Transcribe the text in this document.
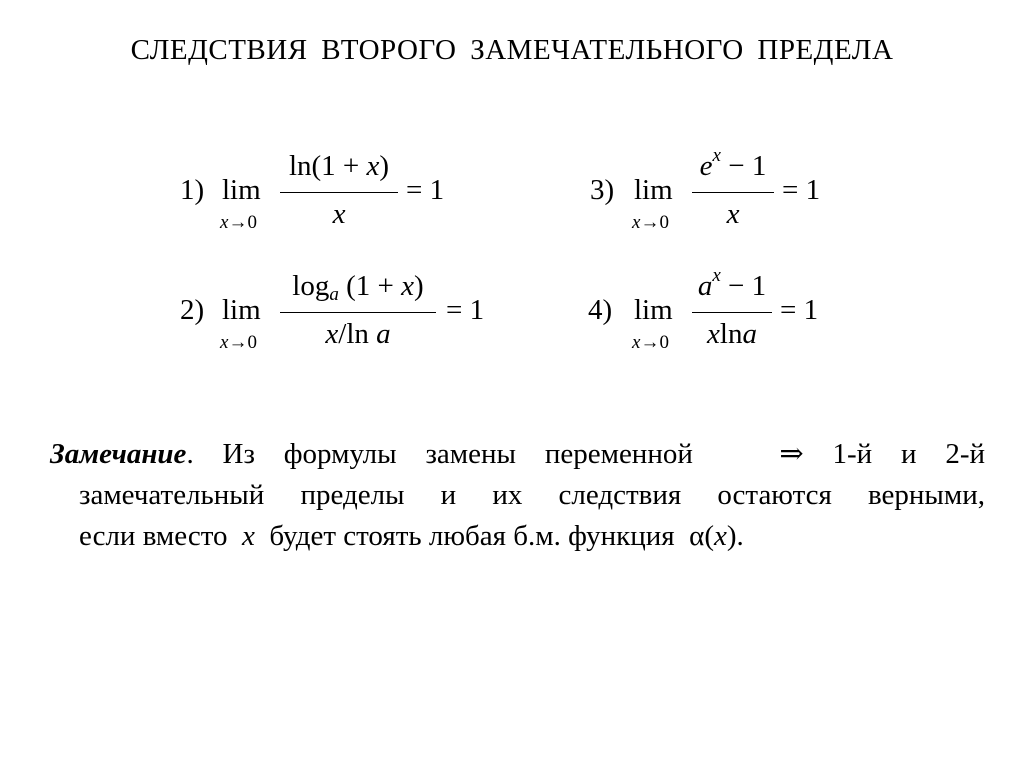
СЛЕДСТВИЯ ВТОРОГО ЗАМЕЧАТЕЛЬНОГО ПРЕДЕЛА
1) lim
x→0
ln(1 + x)
x
= 1
2) lim
x→0
loga (1 + x)
x/ln a
= 1
3) lim
x→0
$e^x - 1$
x
= 1
4) lim
x→0
$a^x - 1$
xlna
= 1
Замечание. Из формулы замены переменной	⇒ 1-й и 2-й
замечательный пределы и их следствия остаются верными,
если вместо x будет стоять любая б.м. функция α(x).
